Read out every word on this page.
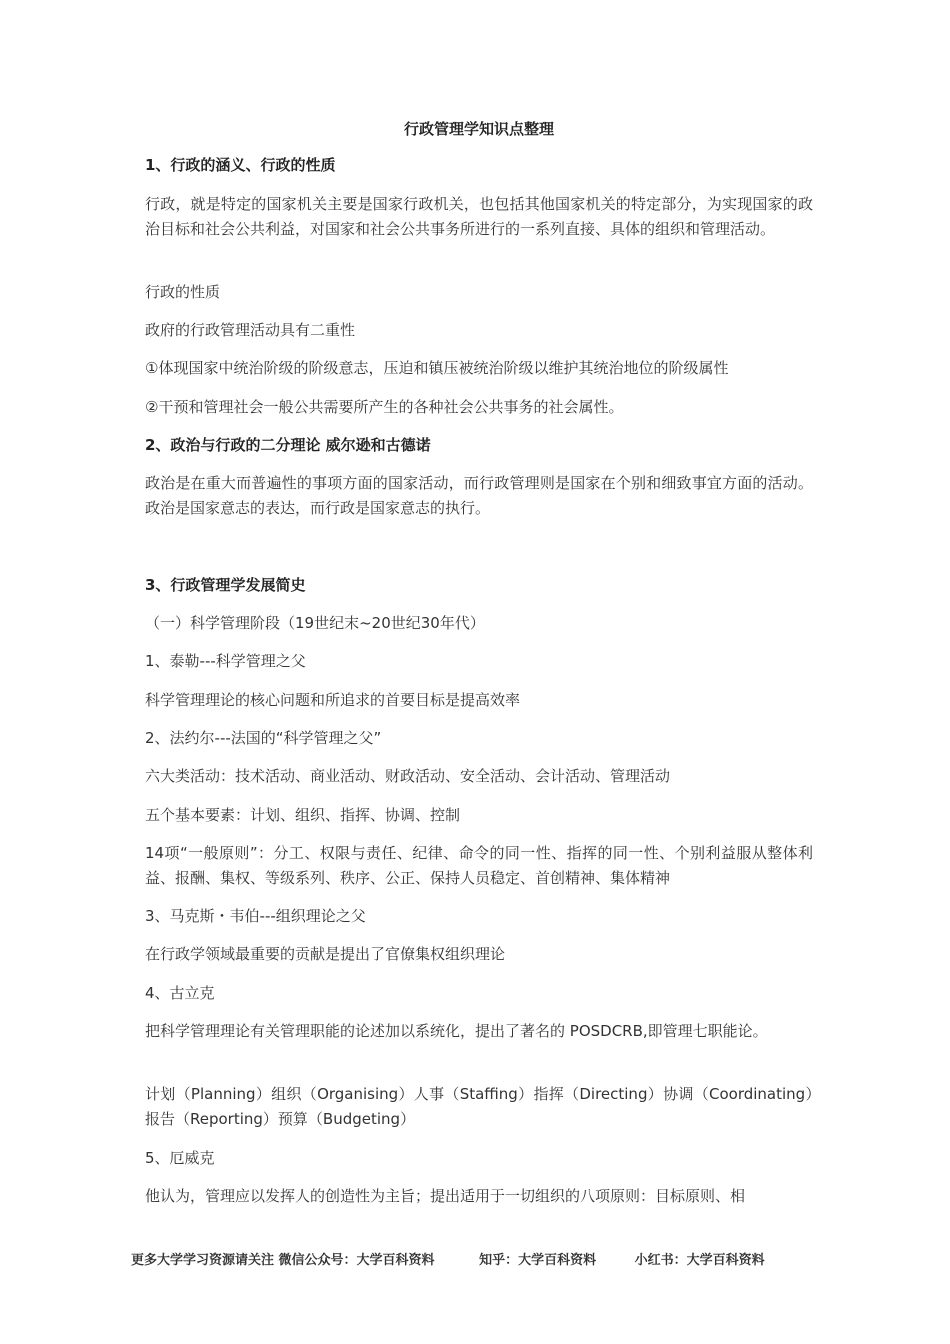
行政管理学知识点整理
1、行政的涵义、行政的性质
行政，就是特定的国家机关主要是国家行政机关，也包括其他国家机关的特定部分，为实现国家的政治目标和社会公共利益，对国家和社会公共事务所进行的一系列直接、具体的组织和管理活动。
行政的性质
政府的行政管理活动具有二重性
①体现国家中统治阶级的阶级意志，压迫和镇压被统治阶级以维护其统治地位的阶级属性
②干预和管理社会一般公共需要所产生的各种社会公共事务的社会属性。
2、政治与行政的二分理论 威尔逊和古德诺
政治是在重大而普遍性的事项方面的国家活动，而行政管理则是国家在个别和细致事宜方面的活动。政治是国家意志的表达，而行政是国家意志的执行。
3、行政管理学发展简史
（一）科学管理阶段（19世纪末~20世纪30年代）
1、泰勒---科学管理之父
科学管理理论的核心问题和所追求的首要目标是提高效率
2、法约尔---法国的“科学管理之父”
六大类活动：技术活动、商业活动、财政活动、安全活动、会计活动、管理活动
五个基本要素：计划、组织、指挥、协调、控制
14项“一般原则”：分工、权限与责任、纪律、命令的同一性、指挥的同一性、个别利益服从整体利益、报酬、集权、等级系列、秩序、公正、保持人员稳定、首创精神、集体精神
3、马克斯・韦伯---组织理论之父
在行政学领域最重要的贡献是提出了官僚集权组织理论
4、古立克
把科学管理理论有关管理职能的论述加以系统化，提出了著名的 POSDCRB,即管理七职能论。
计划（Planning）组织（Organising）人事（Staffing）指挥（Directing）协调（Coordinating）报告（Reporting）预算（Budgeting）
5、厄威克
他认为，管理应以发挥人的创造性为主旨；提出适用于一切组织的八项原则：目标原则、相
更多大学学习资源请关注 微信公众号：大学百科资料	知乎：大学百科资料	小红书：大学百科资料
